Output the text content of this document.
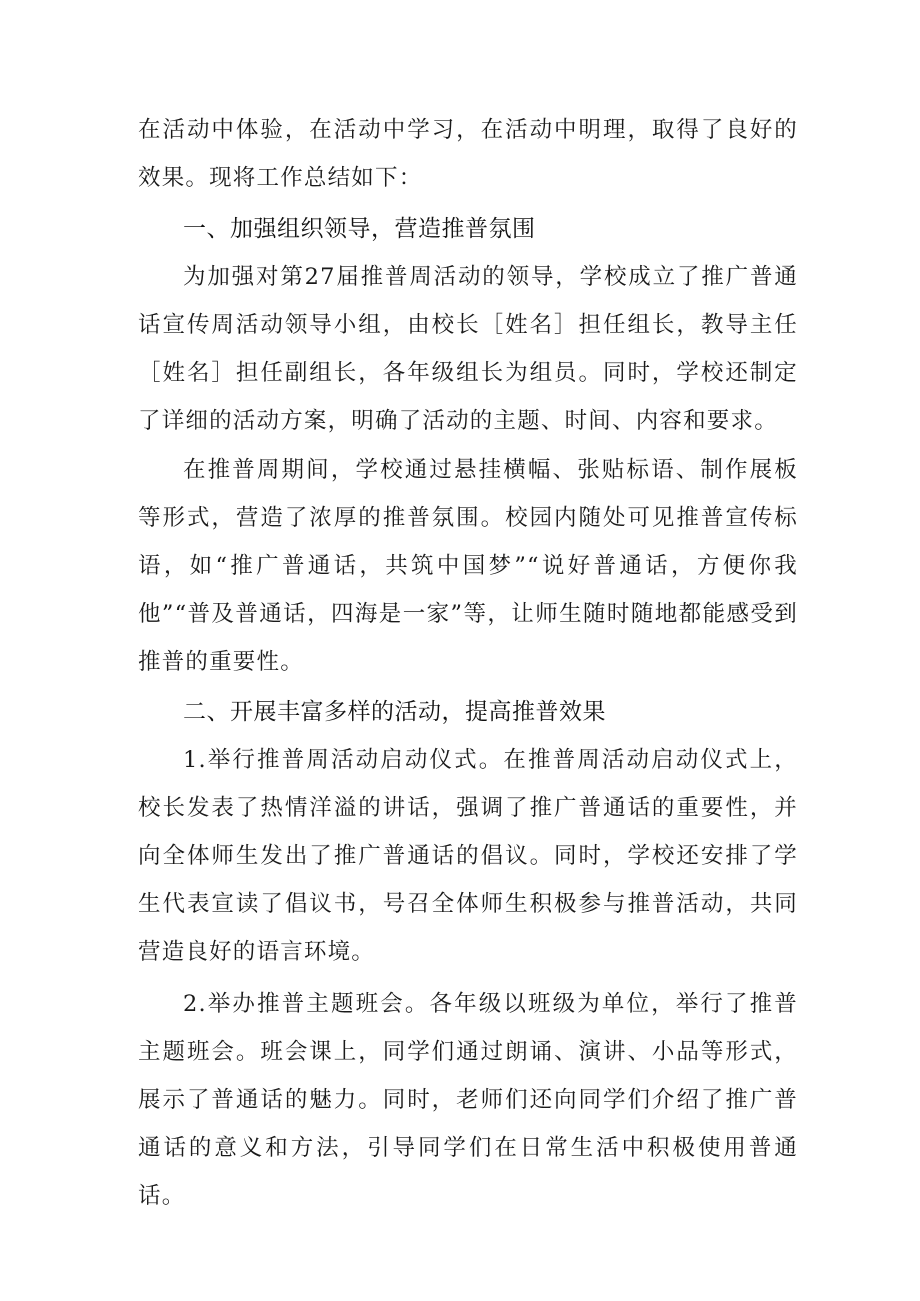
在活动中体验，在活动中学习，在活动中明理，取得了良好的效果。现将工作总结如下：

一、加强组织领导，营造推普氛围

为加强对第27届推普周活动的领导，学校成立了推广普通话宣传周活动领导小组，由校长［姓名］担任组长，教导主任［姓名］担任副组长，各年级组长为组员。同时，学校还制定了详细的活动方案，明确了活动的主题、时间、内容和要求。

在推普周期间，学校通过悬挂横幅、张贴标语、制作展板等形式，营造了浓厚的推普氛围。校园内随处可见推普宣传标语，如“推广普通话，共筑中国梦”“说好普通话，方便你我他”“普及普通话，四海是一家”等，让师生随时随地都能感受到推普的重要性。

二、开展丰富多样的活动，提高推普效果

1.举行推普周活动启动仪式。在推普周活动启动仪式上，校长发表了热情洋溢的讲话，强调了推广普通话的重要性，并向全体师生发出了推广普通话的倡议。同时，学校还安排了学生代表宣读了倡议书，号召全体师生积极参与推普活动，共同营造良好的语言环境。

2.举办推普主题班会。各年级以班级为单位，举行了推普主题班会。班会课上，同学们通过朗诵、演讲、小品等形式，展示了普通话的魅力。同时，老师们还向同学们介绍了推广普通话的意义和方法，引导同学们在日常生活中积极使用普通话。
